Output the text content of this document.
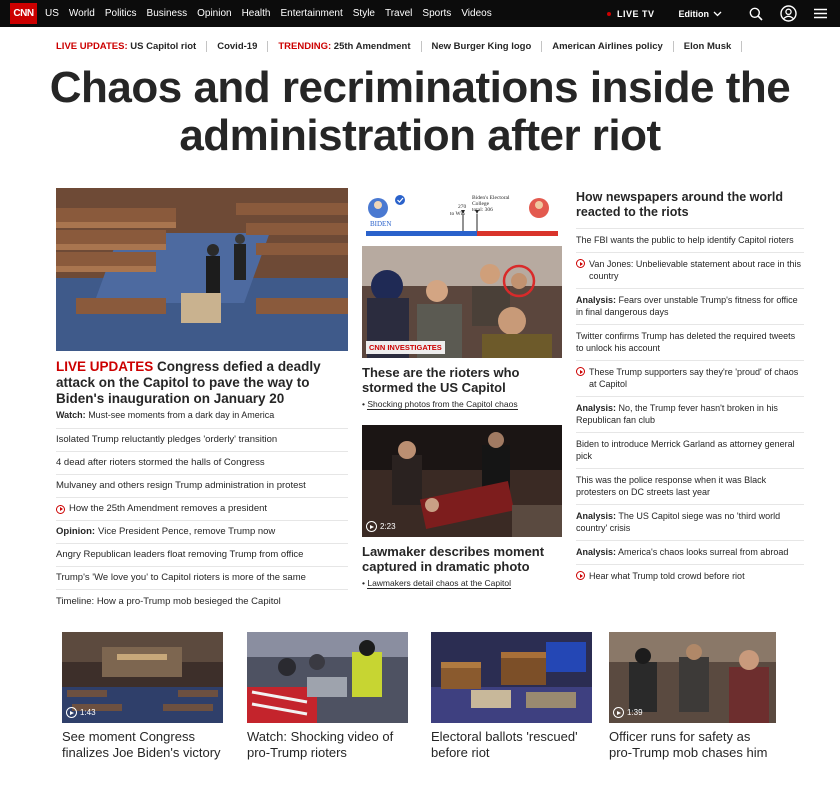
CNN	US World Politics Business Opinion Health Entertainment Style Travel Sports Videos	LIVE TV	Edition
LIVE UPDATES: US Capitol riot	Covid-19	TRENDING: 25th Amendment	New Burger King logo	American Airlines policy	Elon Musk
Chaos and recriminations inside the administration after riot
LIVE UPDATES Congress defied a deadly attack on the Capitol to pave the way to Biden's inauguration on January 20
Watch: Must-see moments from a dark day in America
Isolated Trump reluctantly pledges 'orderly' transition
4 dead after rioters stormed the halls of Congress
Mulvaney and others resign Trump administration in protest
How the 25th Amendment removes a president
Opinion: Vice President Pence, remove Trump now
Angry Republican leaders float removing Trump from office
Trump's 'We love you' to Capitol rioters is more of the same
Timeline: How a pro-Trump mob besieged the Capitol
BIDEN
270
to Win
Biden's Electoral College total: 306
CNN INVESTIGATES
These are the rioters who stormed the US Capitol
• Shocking photos from the Capitol chaos
2:23
Lawmaker describes moment captured in dramatic photo
• Lawmakers detail chaos at the Capitol
How newspapers around the world reacted to the riots
The FBI wants the public to help identify Capitol rioters
Van Jones: Unbelievable statement about race in this country
Analysis: Fears over unstable Trump's fitness for office in final dangerous days
Twitter confirms Trump has deleted the required tweets to unlock his account
These Trump supporters say they're 'proud' of chaos at Capitol
Analysis: No, the Trump fever hasn't broken in his Republican fan club
Biden to introduce Merrick Garland as attorney general pick
This was the police response when it was Black protesters on DC streets last year
Analysis: The US Capitol siege was no 'third world country' crisis
Analysis: America's chaos looks surreal from abroad
Hear what Trump told crowd before riot
1:43
See moment Congress finalizes Joe Biden's victory
Watch: Shocking video of pro-Trump rioters
Electoral ballots 'rescued' before riot
1:39
Officer runs for safety as pro-Trump mob chases him
